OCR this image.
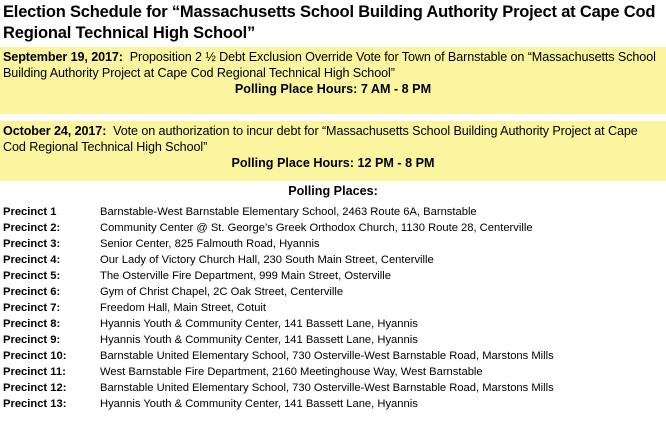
Election Schedule for “Massachusetts School Building Authority Project at Cape Cod Regional Technical High School”
September 19, 2017: Proposition 2 ½ Debt Exclusion Override Vote for Town of Barnstable on “Massachusetts School Building Authority Project at Cape Cod Regional Technical High School”
Polling Place Hours: 7 AM - 8 PM
October 24, 2017: Vote on authorization to incur debt for “Massachusetts School Building Authority Project at Cape Cod Regional Technical High School”
Polling Place Hours: 12 PM - 8 PM
Polling Places:
Precinct 1	Barnstable-West Barnstable Elementary School, 2463 Route 6A, Barnstable
Precinct 2:	Community Center @ St. George’s Greek Orthodox Church, 1130 Route 28, Centerville
Precinct 3:	Senior Center, 825 Falmouth Road, Hyannis
Precinct 4:	Our Lady of Victory Church Hall, 230 South Main Street, Centerville
Precinct 5:	The Osterville Fire Department, 999 Main Street, Osterville
Precinct 6:	Gym of Christ Chapel, 2C Oak Street, Centerville
Precinct 7:	Freedom Hall, Main Street, Cotuit
Precinct 8:	Hyannis Youth & Community Center, 141 Bassett Lane, Hyannis
Precinct 9:	Hyannis Youth & Community Center, 141 Bassett Lane, Hyannis
Precinct 10:	Barnstable United Elementary School, 730 Osterville-West Barnstable Road, Marstons Mills
Precinct 11:	West Barnstable Fire Department, 2160 Meetinghouse Way, West Barnstable
Precinct 12:	Barnstable United Elementary School, 730 Osterville-West Barnstable Road, Marstons Mills
Precinct 13:	Hyannis Youth & Community Center, 141 Bassett Lane, Hyannis
